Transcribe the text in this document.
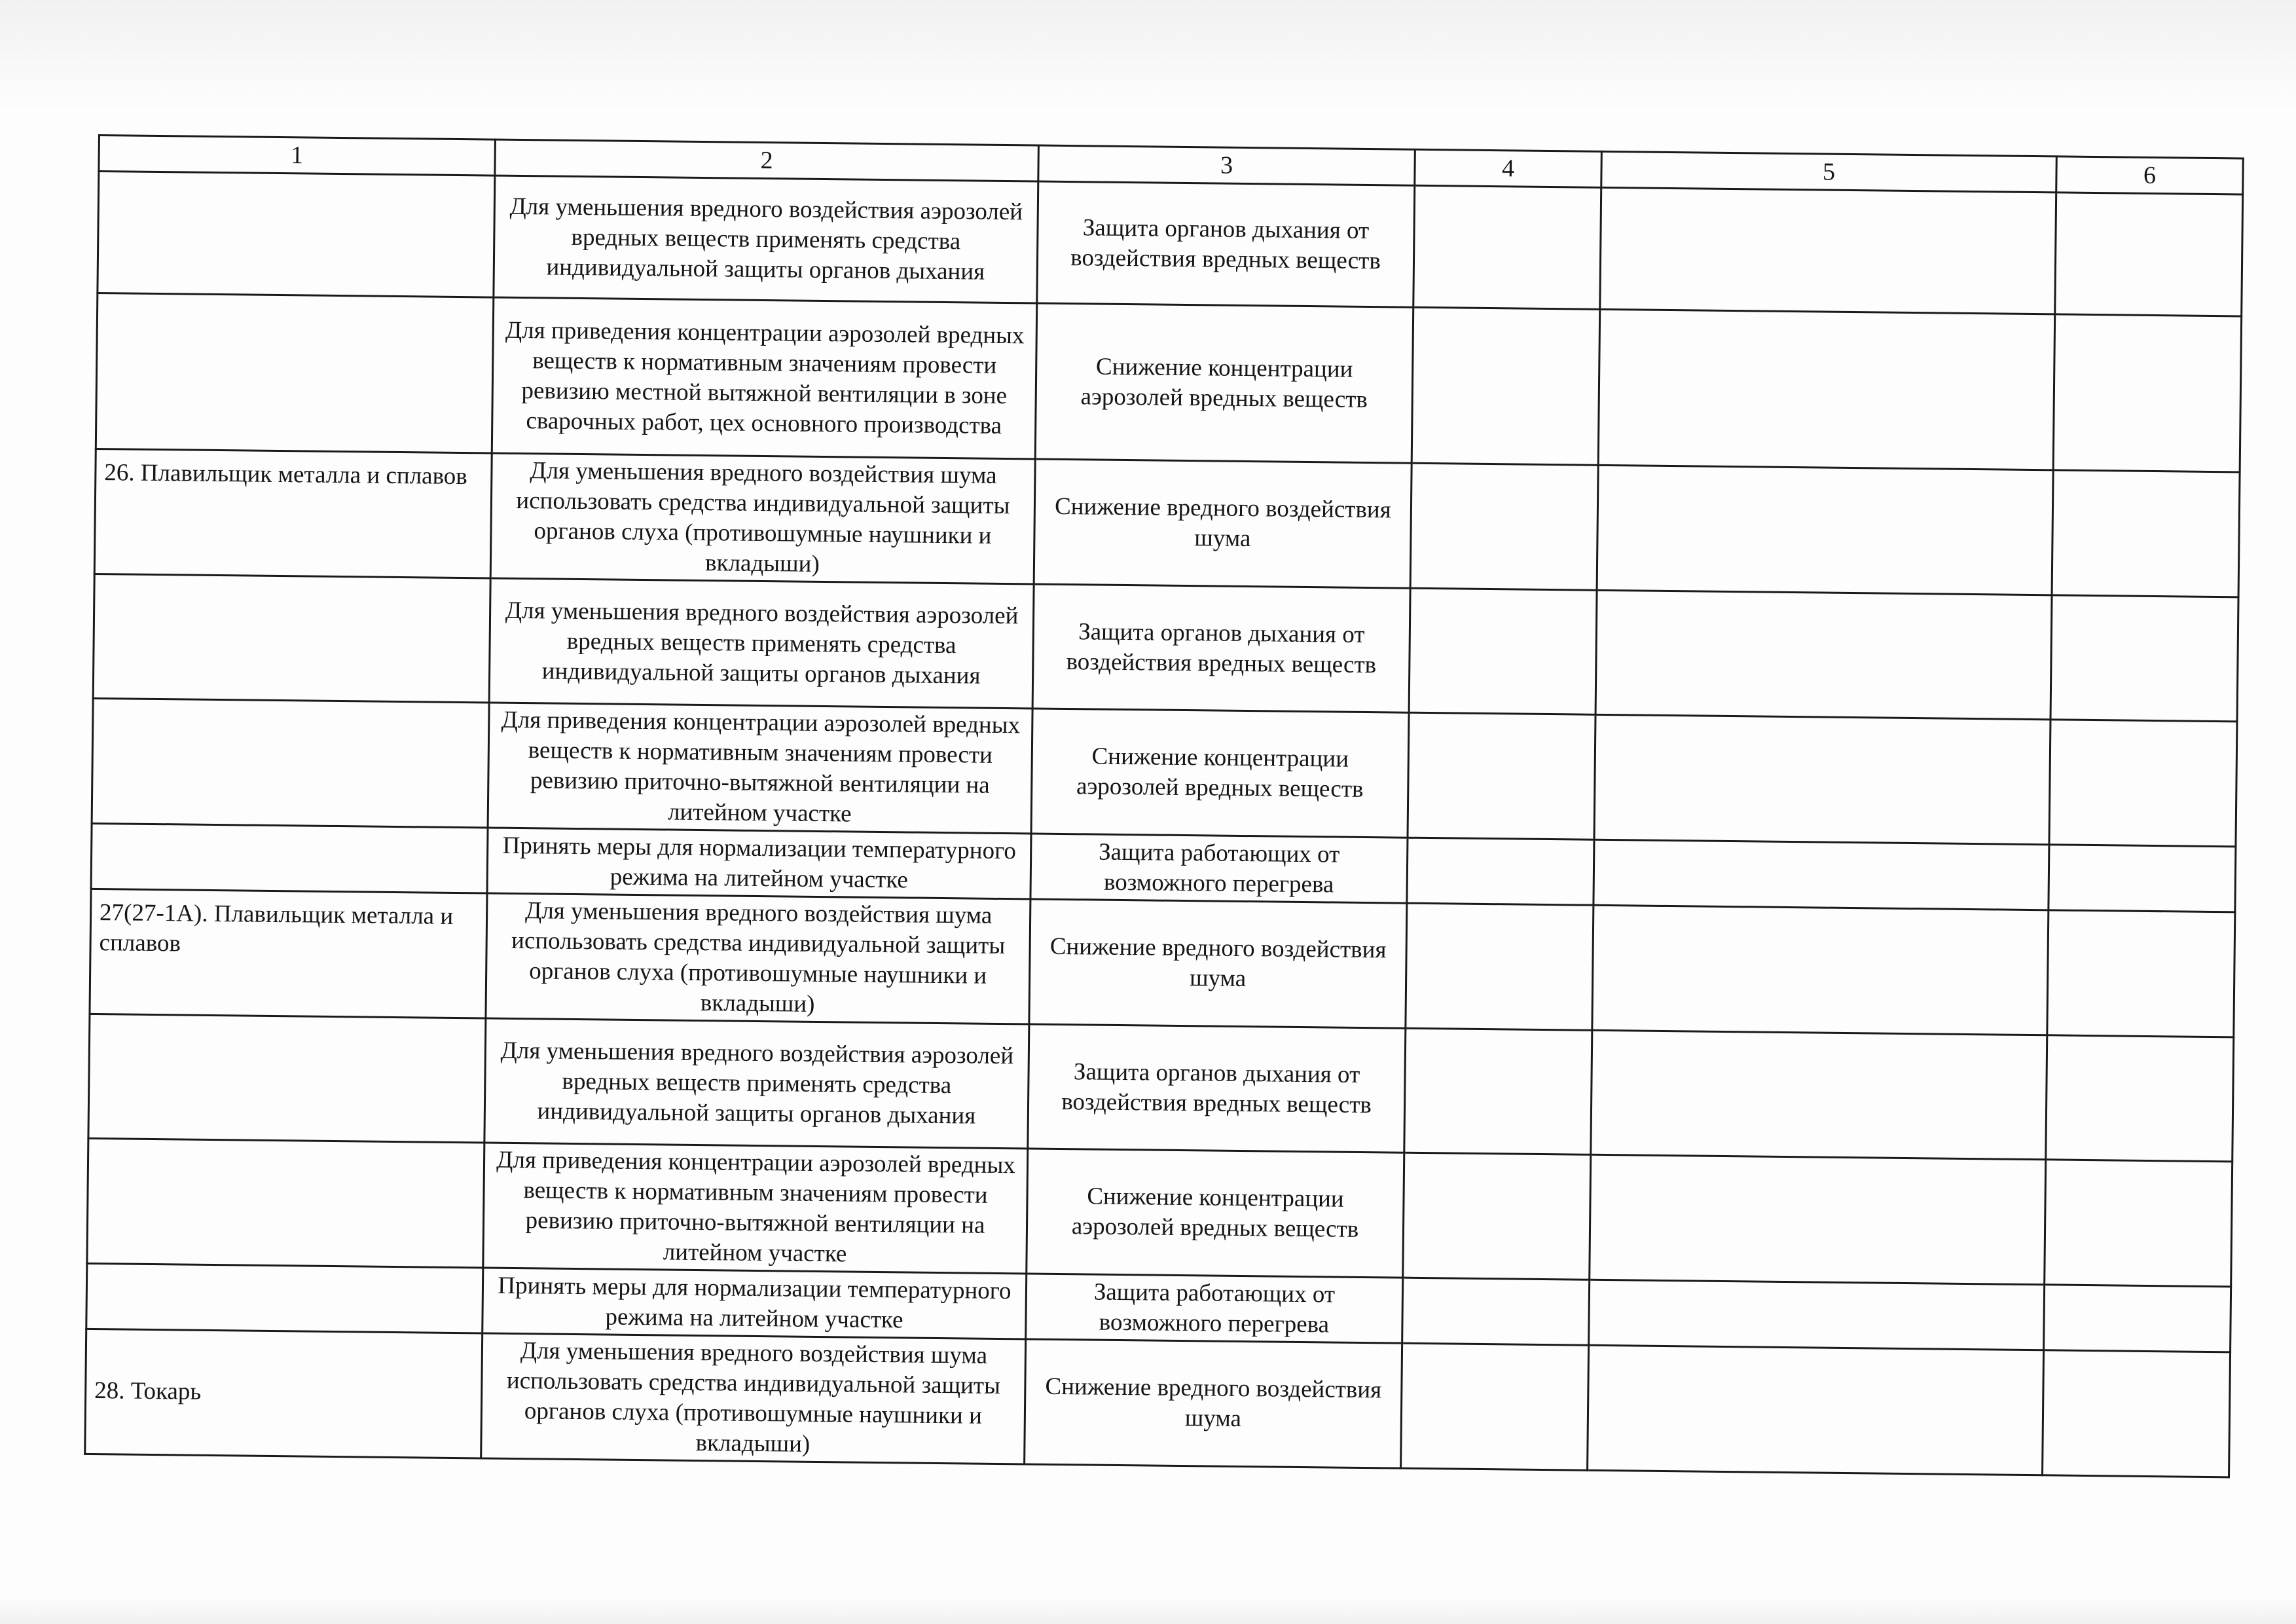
1	2	3	4	5	6
	Для уменьшения вредного воздействия аэрозолей вредных веществ применять средства индивидуальной защиты органов дыхания	Защита органов дыхания от воздействия вредных веществ			
	Для приведения концентрации аэрозолей вредных веществ к нормативным значениям провести ревизию местной вытяжной вентиляции в зоне сварочных работ, цех основного производства	Снижение концентрации аэрозолей вредных веществ			
26. Плавильщик металла и сплавов	Для уменьшения вредного воздействия шума использовать средства индивидуальной защиты органов слуха (противошумные наушники и вкладыши)	Снижение вредного воздействия шума			
	Для уменьшения вредного воздействия аэрозолей вредных веществ применять средства индивидуальной защиты органов дыхания	Защита органов дыхания от воздействия вредных веществ			
	Для приведения концентрации аэрозолей вредных веществ к нормативным значениям провести ревизию приточно-вытяжной вентиляции на литейном участке	Снижение концентрации аэрозолей вредных веществ			
	Принять меры для нормализации температурного режима на литейном участке	Защита работающих от возможного перегрева			
27(27-1А). Плавильщик металла и сплавов	Для уменьшения вредного воздействия шума использовать средства индивидуальной защиты органов слуха (противошумные наушники и вкладыши)	Снижение вредного воздействия шума			
	Для уменьшения вредного воздействия аэрозолей вредных веществ применять средства индивидуальной защиты органов дыхания	Защита органов дыхания от воздействия вредных веществ			
	Для приведения концентрации аэрозолей вредных веществ к нормативным значениям провести ревизию приточно-вытяжной вентиляции на литейном участке	Снижение концентрации аэрозолей вредных веществ			
	Принять меры для нормализации температурного режима на литейном участке	Защита работающих от возможного перегрева			
28. Токарь	Для уменьшения вредного воздействия шума использовать средства индивидуальной защиты органов слуха (противошумные наушники и вкладыши)	Снижение вредного воздействия шума			
